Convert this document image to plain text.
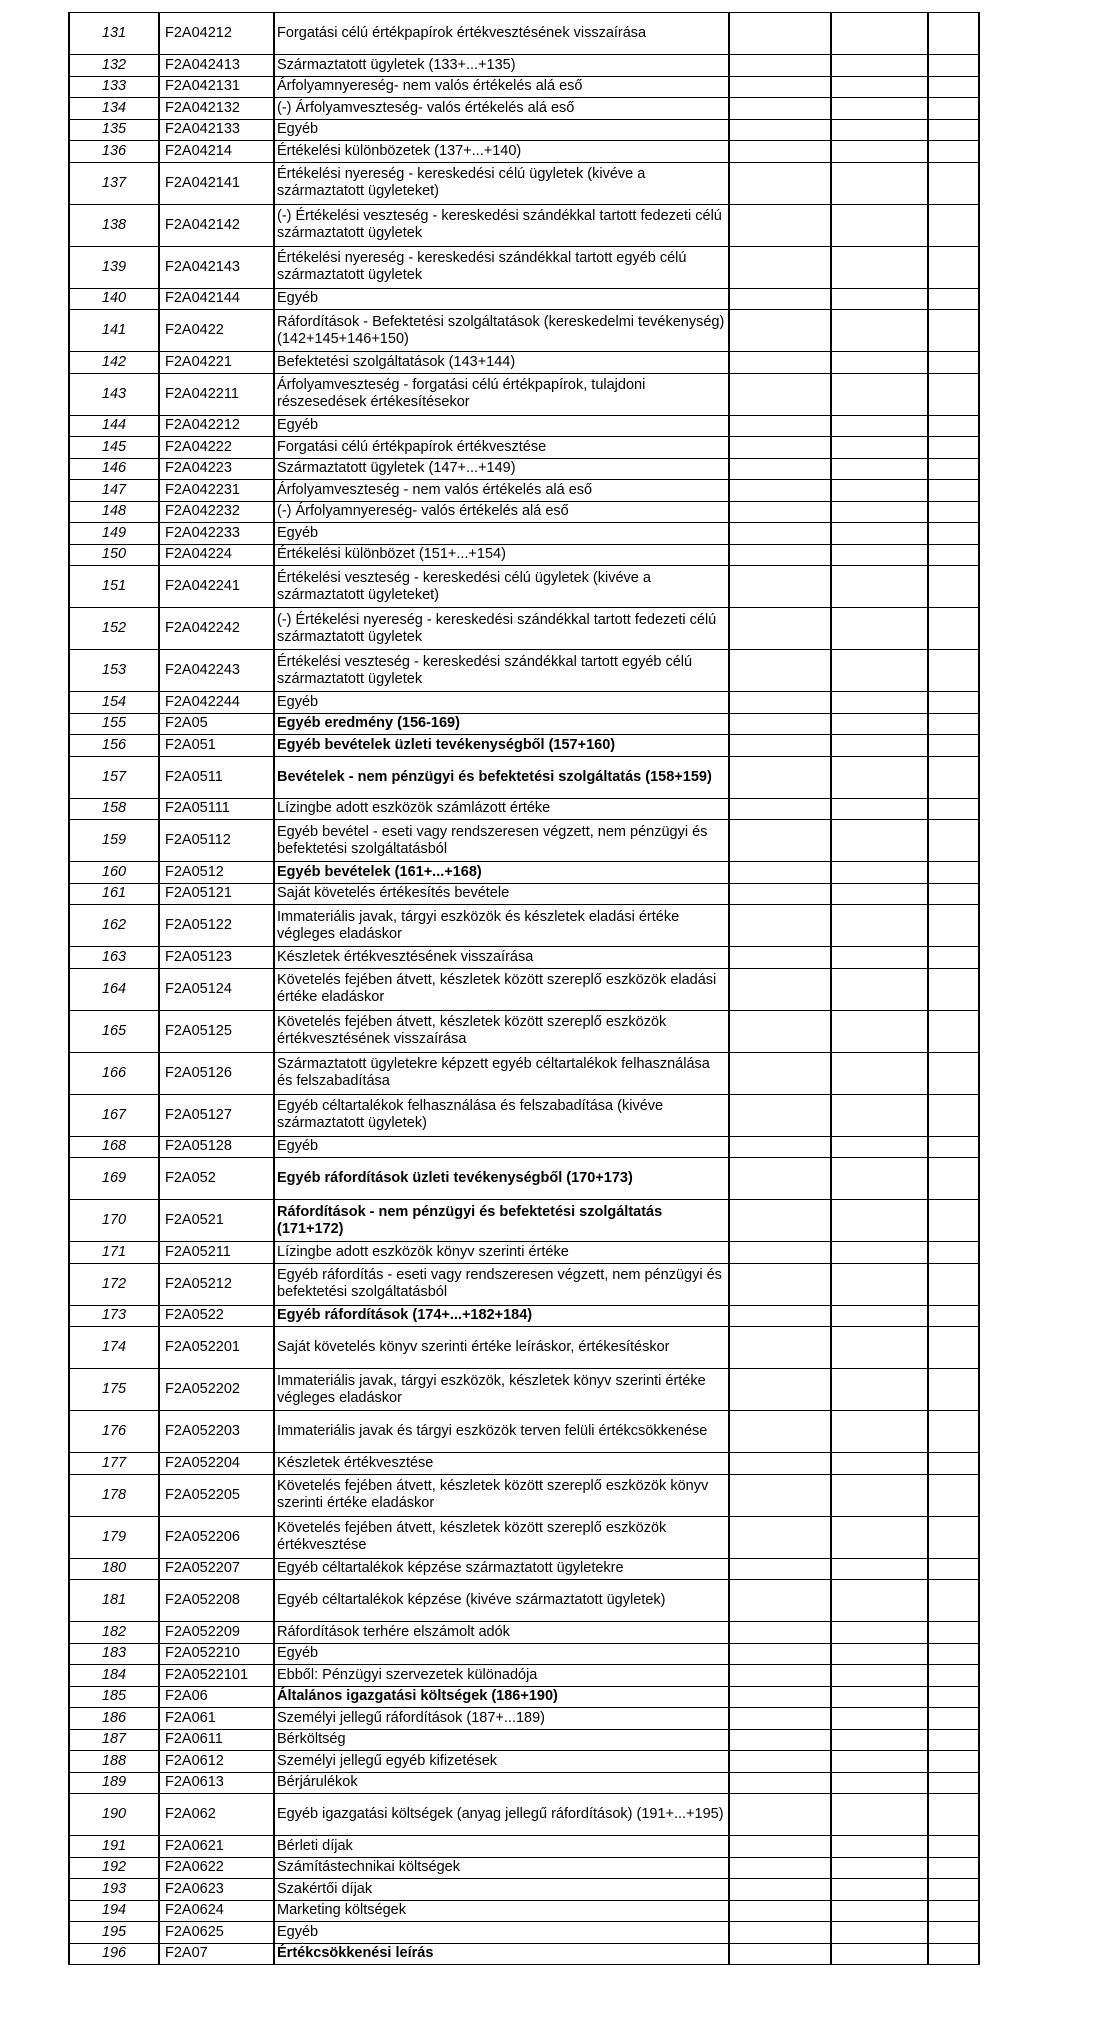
131	F2A04212	Forgatási célú értékpapírok értékvesztésének visszaírása			
132	F2A042413	Származtatott ügyletek (133+...+135)			
133	F2A042131	Árfolyamnyereség- nem valós értékelés alá eső			
134	F2A042132	(-) Árfolyamveszteség- valós értékelés alá eső			
135	F2A042133	Egyéb			
136	F2A04214	Értékelési különbözetek (137+...+140)			
137	F2A042141	Értékelési nyereség - kereskedési célú ügyletek (kivéve a származtatott ügyleteket)			
138	F2A042142	(-) Értékelési veszteség - kereskedési szándékkal tartott fedezeti célú származtatott ügyletek			
139	F2A042143	Értékelési nyereség - kereskedési szándékkal tartott egyéb célú származtatott ügyletek			
140	F2A042144	Egyéb			
141	F2A0422	Ráfordítások - Befektetési szolgáltatások (kereskedelmi tevékenység) (142+145+146+150)			
142	F2A04221	Befektetési szolgáltatások (143+144)			
143	F2A042211	Árfolyamveszteség - forgatási célú értékpapírok, tulajdoni részesedések értékesítésekor			
144	F2A042212	Egyéb			
145	F2A04222	Forgatási célú értékpapírok értékvesztése			
146	F2A04223	Származtatott ügyletek (147+...+149)			
147	F2A042231	Árfolyamveszteség - nem valós értékelés alá eső			
148	F2A042232	(-) Árfolyamnyereség- valós értékelés alá eső			
149	F2A042233	Egyéb			
150	F2A04224	Értékelési különbözet (151+...+154)			
151	F2A042241	Értékelési veszteség - kereskedési célú ügyletek (kivéve a származtatott ügyleteket)			
152	F2A042242	(-) Értékelési nyereség - kereskedési szándékkal tartott fedezeti célú származtatott ügyletek			
153	F2A042243	Értékelési veszteség - kereskedési szándékkal tartott egyéb célú származtatott ügyletek			
154	F2A042244	Egyéb			
155	F2A05	Egyéb eredmény (156-169)			
156	F2A051	Egyéb bevételek üzleti tevékenységből (157+160)			
157	F2A0511	Bevételek - nem pénzügyi és befektetési szolgáltatás (158+159)			
158	F2A05111	Lízingbe adott eszközök számlázott értéke			
159	F2A05112	Egyéb bevétel - eseti vagy rendszeresen végzett, nem pénzügyi és befektetési szolgáltatásból			
160	F2A0512	Egyéb bevételek (161+...+168)			
161	F2A05121	Saját követelés értékesítés bevétele			
162	F2A05122	Immateriális javak, tárgyi eszközök és készletek eladási értéke végleges eladáskor			
163	F2A05123	Készletek értékvesztésének visszaírása			
164	F2A05124	Követelés fejében átvett, készletek között szereplő eszközök eladási értéke eladáskor			
165	F2A05125	Követelés fejében átvett, készletek között szereplő eszközök értékvesztésének visszaírása			
166	F2A05126	Származtatott ügyletekre képzett egyéb céltartalékok felhasználása és felszabadítása			
167	F2A05127	Egyéb céltartalékok felhasználása és felszabadítása (kivéve származtatott ügyletek)			
168	F2A05128	Egyéb			
169	F2A052	Egyéb ráfordítások üzleti tevékenységből (170+173)			
170	F2A0521	Ráfordítások - nem pénzügyi és befektetési szolgáltatás (171+172)			
171	F2A05211	Lízingbe adott eszközök könyv szerinti értéke			
172	F2A05212	Egyéb ráfordítás - eseti vagy rendszeresen végzett, nem pénzügyi és befektetési szolgáltatásból			
173	F2A0522	Egyéb ráfordítások (174+...+182+184)			
174	F2A052201	Saját követelés könyv szerinti értéke leíráskor, értékesítéskor			
175	F2A052202	Immateriális javak, tárgyi eszközök, készletek könyv szerinti értéke végleges eladáskor			
176	F2A052203	Immateriális javak és tárgyi eszközök terven felüli értékcsökkenése			
177	F2A052204	Készletek értékvesztése			
178	F2A052205	Követelés fejében átvett, készletek között szereplő eszközök könyv szerinti értéke eladáskor			
179	F2A052206	Követelés fejében átvett, készletek között szereplő eszközök értékvesztése			
180	F2A052207	Egyéb céltartalékok képzése származtatott ügyletekre			
181	F2A052208	Egyéb céltartalékok képzése (kivéve származtatott ügyletek)			
182	F2A052209	Ráfordítások terhére elszámolt adók			
183	F2A052210	Egyéb			
184	F2A0522101	Ebből: Pénzügyi szervezetek különadója			
185	F2A06	Általános igazgatási költségek (186+190)			
186	F2A061	Személyi jellegű ráfordítások (187+...189)			
187	F2A0611	Bérköltség			
188	F2A0612	Személyi jellegű egyéb kifizetések			
189	F2A0613	Bérjárulékok			
190	F2A062	Egyéb igazgatási költségek (anyag jellegű ráfordítások) (191+...+195)			
191	F2A0621	Bérleti díjak			
192	F2A0622	Számítástechnikai költségek			
193	F2A0623	Szakértői díjak			
194	F2A0624	Marketing költségek			
195	F2A0625	Egyéb			
196	F2A07	Értékcsökkenési leírás			
